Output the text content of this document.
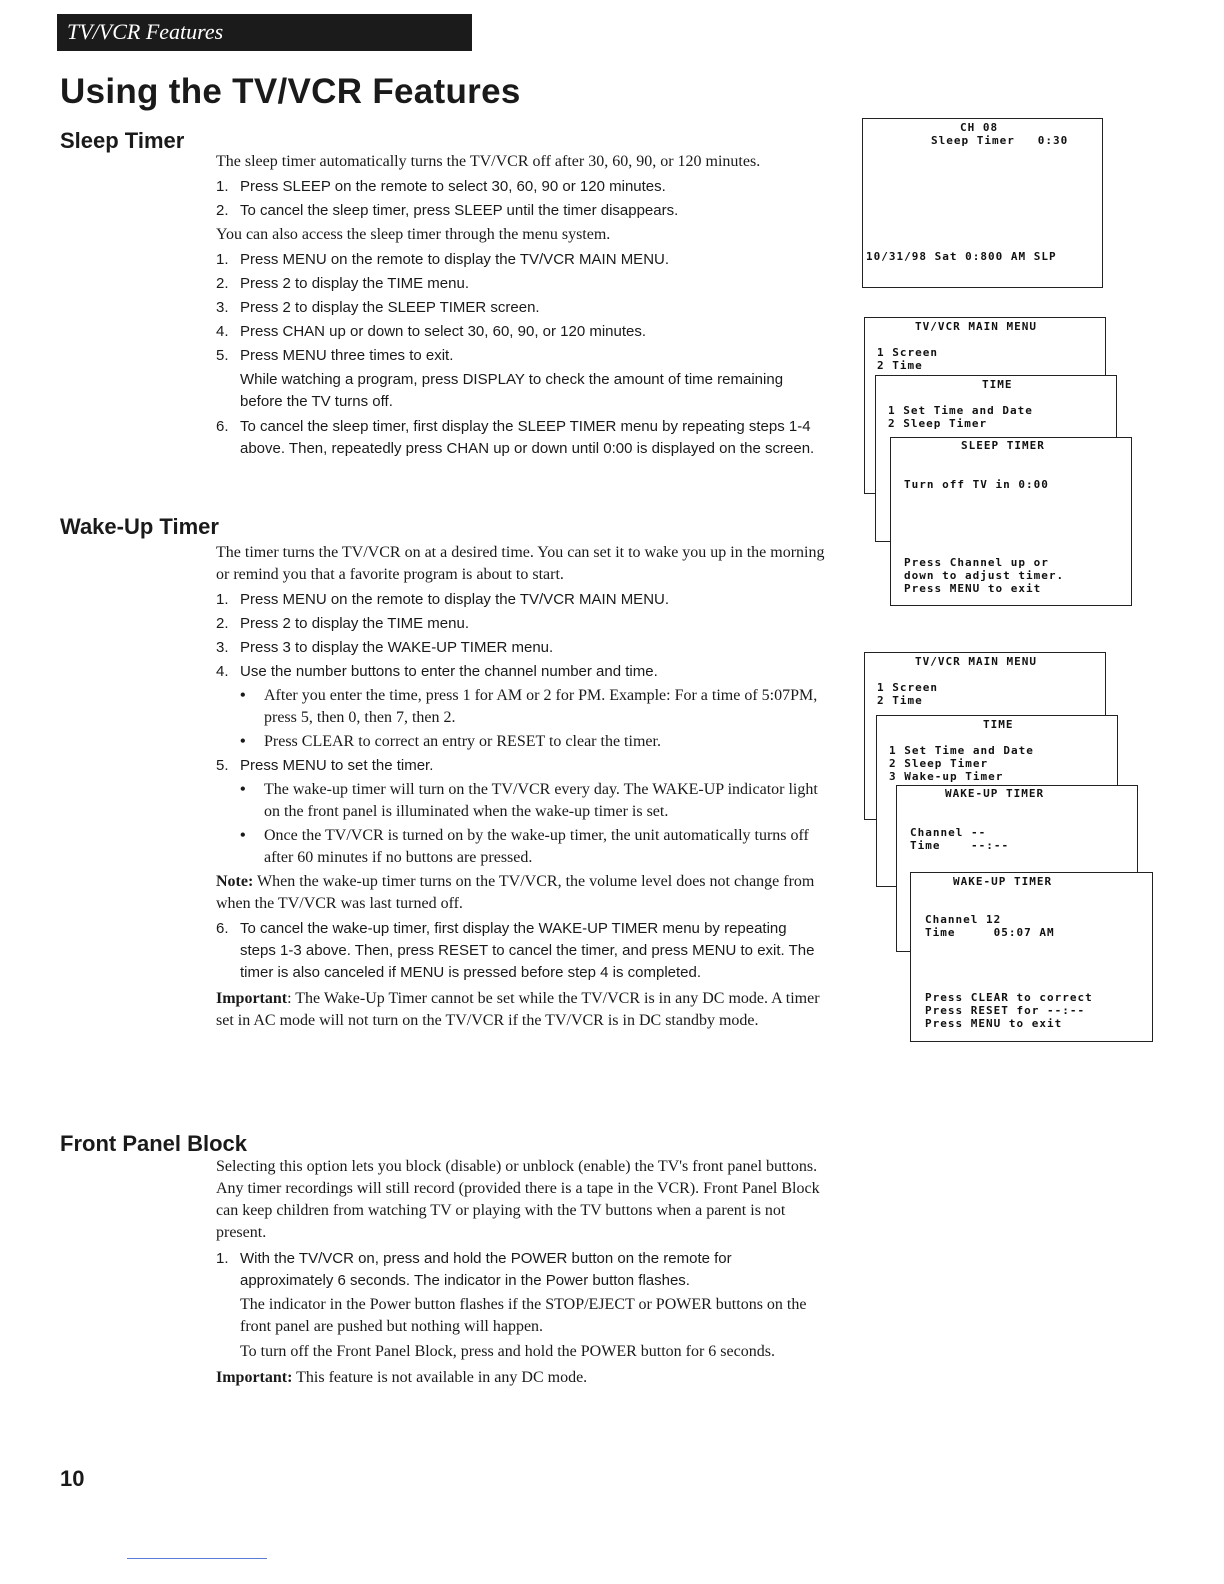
TV/VCR Features
Using the TV/VCR Features
Sleep Timer

The sleep timer automatically turns the TV/VCR off after 30, 60, 90, or 120 minutes.

1. Press SLEEP on the remote to select 30, 60, 90 or 120 minutes.
2. To cancel the sleep timer, press SLEEP until the timer disappears.

You can also access the sleep timer through the menu system.

1. Press MENU on the remote to display the TV/VCR MAIN MENU.
2. Press 2 to display the TIME menu.
3. Press 2 to display the SLEEP TIMER screen.
4. Press CHAN up or down to select 30, 60, 90, or 120 minutes.
5. Press MENU three times to exit.

While watching a program, press DISPLAY to check the amount of time remaining before the TV turns off.

6. To cancel the sleep timer, first display the SLEEP TIMER menu by repeating steps 1-4 above. Then, repeatedly press CHAN up or down until 0:00 is displayed on the screen.
Wake-Up Timer

The timer turns the TV/VCR on at a desired time. You can set it to wake you up in the morning or remind you that a favorite program is about to start.

1. Press MENU on the remote to display the TV/VCR MAIN MENU.
2. Press 2 to display the TIME menu.
3. Press 3 to display the WAKE-UP TIMER menu.
4. Use the number buttons to enter the channel number and time.
• After you enter the time, press 1 for AM or 2 for PM. Example: For a time of 5:07PM, press 5, then 0, then 7, then 2.
• Press CLEAR to correct an entry or RESET to clear the timer.
5. Press MENU to set the timer.
• The wake-up timer will turn on the TV/VCR every day. The WAKE-UP indicator light on the front panel is illuminated when the wake-up timer is set.
• Once the TV/VCR is turned on by the wake-up timer, the unit automatically turns off after 60 minutes if no buttons are pressed.

Note: When the wake-up timer turns on the TV/VCR, the volume level does not change from when the TV/VCR was last turned off.

6. To cancel the wake-up timer, first display the WAKE-UP TIMER menu by repeating steps 1-3 above. Then, press RESET to cancel the timer, and press MENU to exit. The timer is also canceled if MENU is pressed before step 4 is completed.

Important: The Wake-Up Timer cannot be set while the TV/VCR is in any DC mode. A timer set in AC mode will not turn on the TV/VCR if the TV/VCR is in DC standby mode.

Front Panel Block

Selecting this option lets you block (disable) or unblock (enable) the TV's front panel buttons. Any timer recordings will still record (provided there is a tape in the VCR). Front Panel Block can keep children from watching TV or playing with the TV buttons when a parent is not present.

1. With the TV/VCR on, press and hold the POWER button on the remote for approximately 6 seconds. The indicator in the Power button flashes.

The indicator in the Power button flashes if the STOP/EJECT or POWER buttons on the front panel are pushed but nothing will happen.

To turn off the Front Panel Block, press and hold the POWER button for 6 seconds.

Important: This feature is not available in any DC mode.

CH 08
Sleep Timer   0:30
10/31/98 Sat 0:800 AM SLP
TV/VCR MAIN MENU
1 Screen
2 Time
TIME
1 Set Time and Date
2 Sleep Timer
SLEEP TIMER
Turn off TV in 0:00
Press Channel up or
down to adjust timer.
Press MENU to exit
TV/VCR MAIN MENU
1 Screen
2 Time
TIME
1 Set Time and Date
2 Sleep Timer
3 Wake-up Timer
WAKE-UP TIMER
Channel --
Time    --:--
WAKE-UP TIMER
Channel 12
Time     05:07 AM
Press CLEAR to correct
Press RESET for --:--
Press MENU to exit
10
